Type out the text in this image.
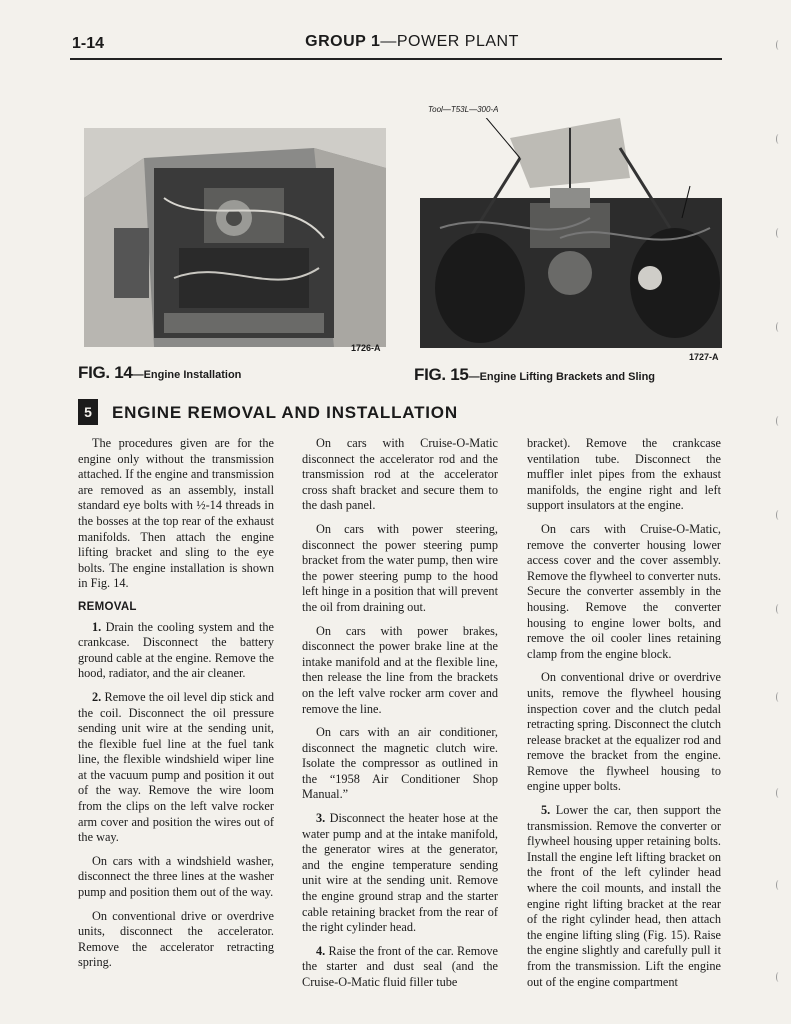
1-14	GROUP 1—POWER PLANT
1726-A
FIG. 14—Engine Installation
Tool—T53L—300-A
1727-A
FIG. 15—Engine Lifting Brackets and Sling
5	ENGINE REMOVAL AND INSTALLATION

The procedures given are for the engine only without the transmission attached. If the engine and transmission are removed as an assembly, install standard eye bolts with ½-14 threads in the bosses at the top rear of the exhaust manifolds. Then attach the engine lifting bracket and sling to the eye bolts. The engine installation is shown in Fig. 14.

REMOVAL

1. Drain the cooling system and the crankcase. Disconnect the battery ground cable at the engine. Remove the hood, radiator, and the air cleaner.

2. Remove the oil level dip stick and the coil. Disconnect the oil pressure sending unit wire at the sending unit, the flexible fuel line at the fuel tank line, the flexible windshield wiper line at the vacuum pump and position it out of the way. Remove the wire loom from the clips on the left valve rocker arm cover and position the wires out of the way.

On cars with a windshield washer, disconnect the three lines at the washer pump and position them out of the way.

On conventional drive or overdrive units, disconnect the accelerator. Remove the accelerator retracting spring.

On cars with Cruise-O-Matic disconnect the accelerator rod and the transmission rod at the accelerator cross shaft bracket and secure them to the dash panel.

On cars with power steering, disconnect the power steering pump bracket from the water pump, then wire the power steering pump to the hood left hinge in a position that will prevent the oil from draining out.

On cars with power brakes, disconnect the power brake line at the intake manifold and at the flexible line, then release the line from the brackets on the left valve rocker arm cover and remove the line.

On cars with an air conditioner, disconnect the magnetic clutch wire. Isolate the compressor as outlined in the “1958 Air Conditioner Shop Manual.”

3. Disconnect the heater hose at the water pump and at the intake manifold, the generator wires at the generator, and the engine temperature sending unit wire at the sending unit. Remove the engine ground strap and the starter cable retaining bracket from the rear of the right cylinder head.

4. Raise the front of the car. Remove the starter and dust seal (and the Cruise-O-Matic fluid filler tube

bracket). Remove the crankcase ventilation tube. Disconnect the muffler inlet pipes from the exhaust manifolds, the engine right and left support insulators at the engine.

On cars with Cruise-O-Matic, remove the converter housing lower access cover and the cover assembly. Remove the flywheel to converter nuts. Secure the converter assembly in the housing. Remove the converter housing to engine lower bolts, and remove the oil cooler lines retaining clamp from the engine block.

On conventional drive or overdrive units, remove the flywheel housing inspection cover and the clutch pedal retracting spring. Disconnect the clutch release bracket at the equalizer rod and remove the bracket from the engine. Remove the flywheel housing to engine upper bolts.

5. Lower the car, then support the transmission. Remove the converter or flywheel housing upper retaining bolts. Install the engine left lifting bracket on the front of the left cylinder head where the coil mounts, and install the engine right lifting bracket at the rear of the right cylinder head, then attach the engine lifting sling (Fig. 15). Raise the engine slightly and carefully pull it from the transmission. Lift the engine out of the engine compartment
